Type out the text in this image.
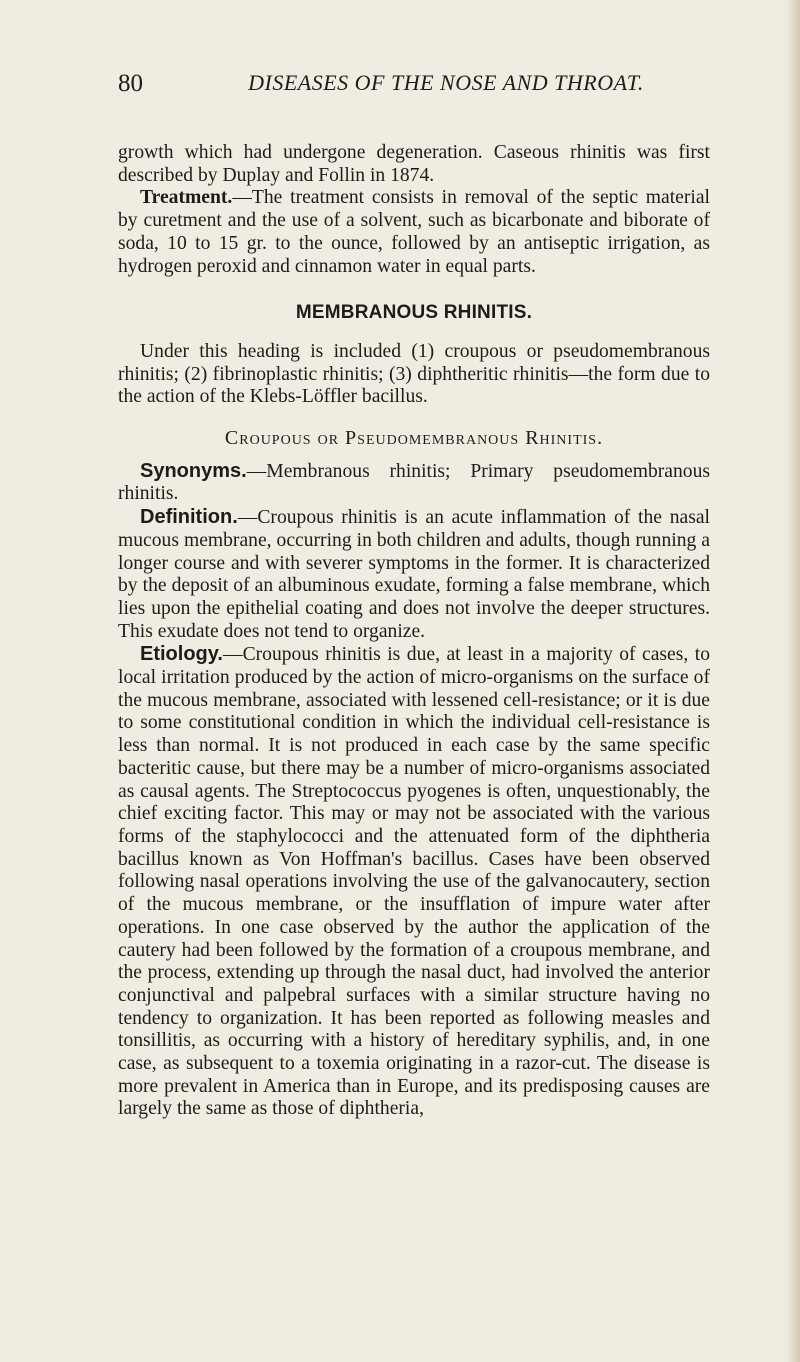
80	DISEASES OF THE NOSE AND THROAT.

growth which had undergone degeneration. Caseous rhinitis was first described by Duplay and Follin in 1874.

Treatment.—The treatment consists in removal of the septic material by curetment and the use of a solvent, such as bicarbonate and biborate of soda, 10 to 15 gr. to the ounce, followed by an antiseptic irrigation, as hydrogen peroxid and cinnamon water in equal parts.

MEMBRANOUS RHINITIS.

Under this heading is included (1) croupous or pseudomembranous rhinitis; (2) fibrinoplastic rhinitis; (3) diphtheritic rhinitis—the form due to the action of the Klebs-Löffler bacillus.

Croupous or Pseudomembranous Rhinitis.

Synonyms.—Membranous rhinitis; Primary pseudomembranous rhinitis.

Definition.—Croupous rhinitis is an acute inflammation of the nasal mucous membrane, occurring in both children and adults, though running a longer course and with severer symptoms in the former. It is characterized by the deposit of an albuminous exudate, forming a false membrane, which lies upon the epithelial coating and does not involve the deeper structures. This exudate does not tend to organize.

Etiology.—Croupous rhinitis is due, at least in a majority of cases, to local irritation produced by the action of micro-organisms on the surface of the mucous membrane, associated with lessened cell-resistance; or it is due to some constitutional condition in which the individual cell-resistance is less than normal. It is not produced in each case by the same specific bacteritic cause, but there may be a number of micro-organisms associated as causal agents. The Streptococcus pyogenes is often, unquestionably, the chief exciting factor. This may or may not be associated with the various forms of the staphylococci and the attenuated form of the diphtheria bacillus known as Von Hoffman's bacillus. Cases have been observed following nasal operations involving the use of the galvanocautery, section of the mucous membrane, or the insufflation of impure water after operations. In one case observed by the author the application of the cautery had been followed by the formation of a croupous membrane, and the process, extending up through the nasal duct, had involved the anterior conjunctival and palpebral surfaces with a similar structure having no tendency to organization. It has been reported as following measles and tonsillitis, as occurring with a history of hereditary syphilis, and, in one case, as subsequent to a toxemia originating in a razor-cut. The disease is more prevalent in America than in Europe, and its predisposing causes are largely the same as those of diphtheria,
